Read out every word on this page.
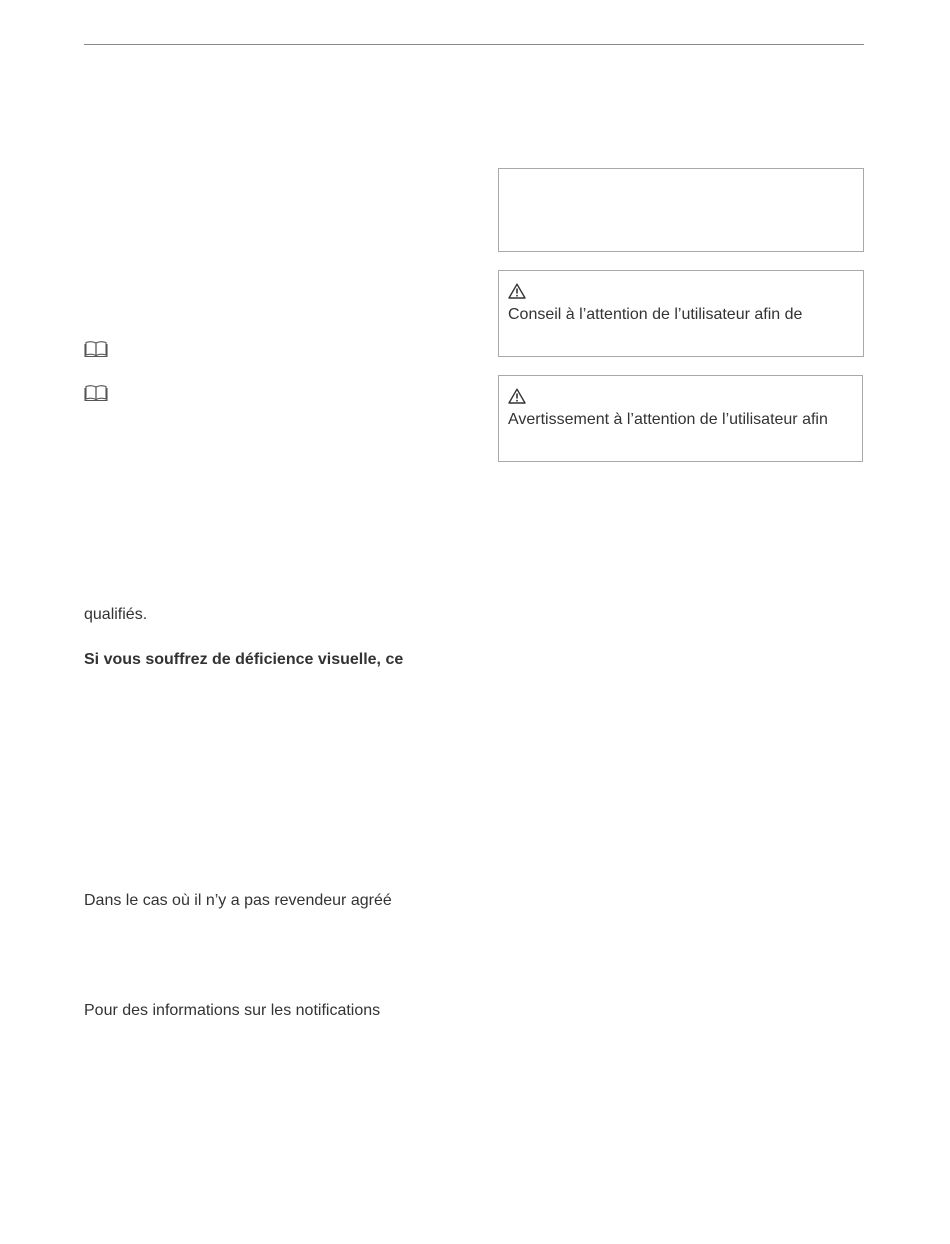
qualifiés.
Si vous souffrez de déficience visuelle, ce
Dans le cas où il n’y a pas revendeur agréé
Pour des informations sur les notifications
Conseil à l’attention de l’utilisateur afin de
Avertissement à l’attention de l’utilisateur afin
